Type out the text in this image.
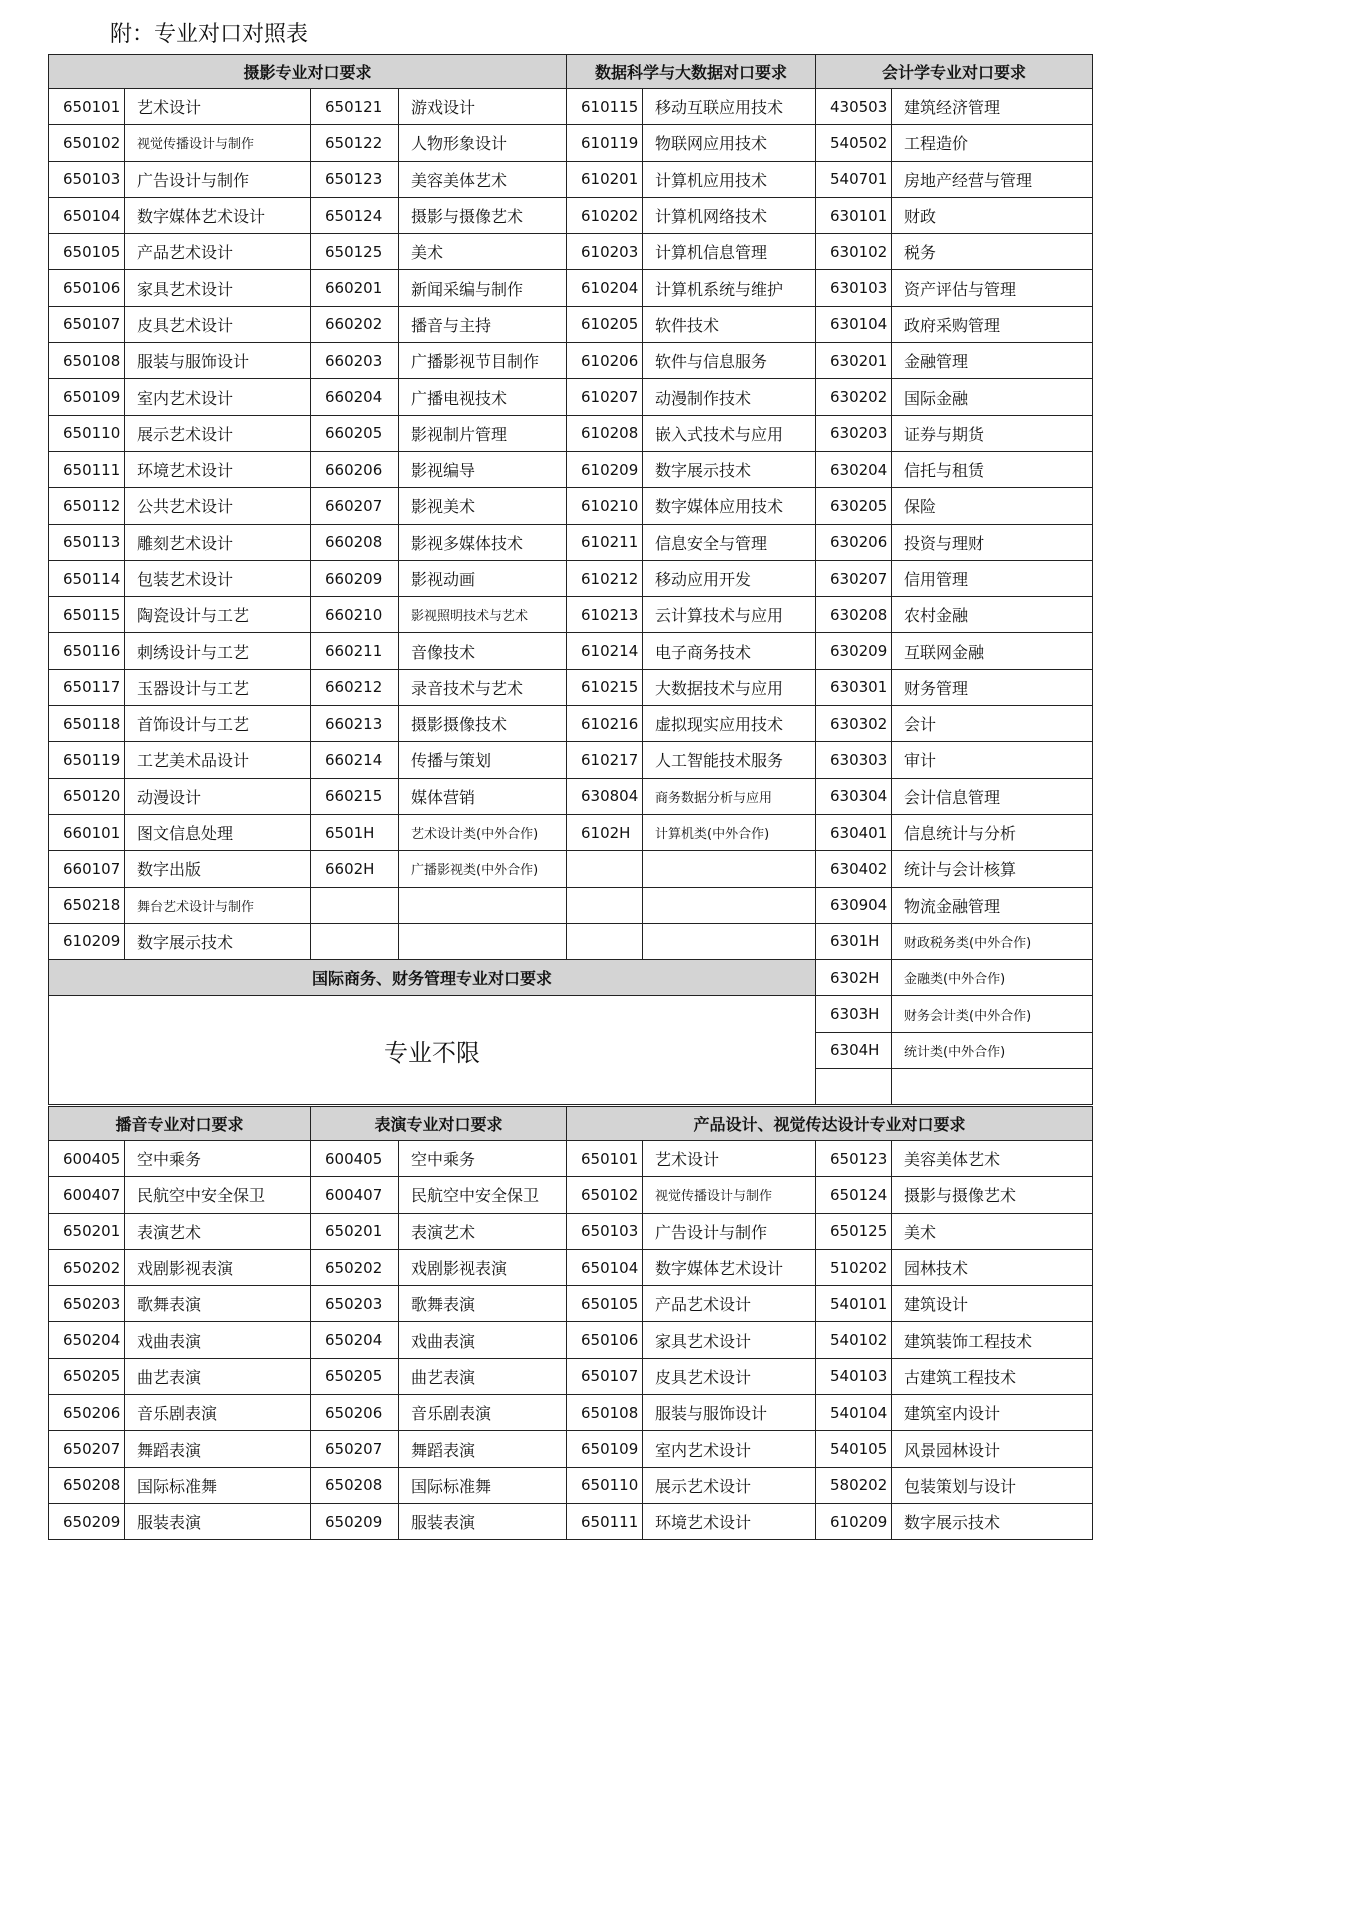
附：专业对口对照表
摄影专业对口要求				数据科学与大数据对口要求		会计学专业对口要求	
650101	艺术设计	650121	游戏设计	610115	移动互联应用技术	430503	建筑经济管理
650102	视觉传播设计与制作	650122	人物形象设计	610119	物联网应用技术	540502	工程造价
650103	广告设计与制作	650123	美容美体艺术	610201	计算机应用技术	540701	房地产经营与管理
650104	数字媒体艺术设计	650124	摄影与摄像艺术	610202	计算机网络技术	630101	财政
650105	产品艺术设计	650125	美术	610203	计算机信息管理	630102	税务
650106	家具艺术设计	660201	新闻采编与制作	610204	计算机系统与维护	630103	资产评估与管理
650107	皮具艺术设计	660202	播音与主持	610205	软件技术	630104	政府采购管理
650108	服装与服饰设计	660203	广播影视节目制作	610206	软件与信息服务	630201	金融管理
650109	室内艺术设计	660204	广播电视技术	610207	动漫制作技术	630202	国际金融
650110	展示艺术设计	660205	影视制片管理	610208	嵌入式技术与应用	630203	证券与期货
650111	环境艺术设计	660206	影视编导	610209	数字展示技术	630204	信托与租赁
650112	公共艺术设计	660207	影视美术	610210	数字媒体应用技术	630205	保险
650113	雕刻艺术设计	660208	影视多媒体技术	610211	信息安全与管理	630206	投资与理财
650114	包装艺术设计	660209	影视动画	610212	移动应用开发	630207	信用管理
650115	陶瓷设计与工艺	660210	影视照明技术与艺术	610213	云计算技术与应用	630208	农村金融
650116	刺绣设计与工艺	660211	音像技术	610214	电子商务技术	630209	互联网金融
650117	玉器设计与工艺	660212	录音技术与艺术	610215	大数据技术与应用	630301	财务管理
650118	首饰设计与工艺	660213	摄影摄像技术	610216	虚拟现实应用技术	630302	会计
650119	工艺美术品设计	660214	传播与策划	610217	人工智能技术服务	630303	审计
650120	动漫设计	660215	媒体营销	630804	商务数据分析与应用	630304	会计信息管理
660101	图文信息处理	6501H	艺术设计类(中外合作)	6102H	计算机类(中外合作)	630401	信息统计与分析
660107	数字出版	6602H	广播影视类(中外合作)			630402	统计与会计核算
650218	舞台艺术设计与制作					630904	物流金融管理
610209	数字展示技术					6301H	财政税务类(中外合作)
国际商务、财务管理专业对口要求						6302H	金融类(中外合作)
专业不限						6303H	财务会计类(中外合作)
						6304H	统计类(中外合作)

播音专业对口要求		表演专业对口要求		产品设计、视觉传达设计专业对口要求			
600405	空中乘务	600405	空中乘务	650101	艺术设计	650123	美容美体艺术
600407	民航空中安全保卫	600407	民航空中安全保卫	650102	视觉传播设计与制作	650124	摄影与摄像艺术
650201	表演艺术	650201	表演艺术	650103	广告设计与制作	650125	美术
650202	戏剧影视表演	650202	戏剧影视表演	650104	数字媒体艺术设计	510202	园林技术
650203	歌舞表演	650203	歌舞表演	650105	产品艺术设计	540101	建筑设计
650204	戏曲表演	650204	戏曲表演	650106	家具艺术设计	540102	建筑装饰工程技术
650205	曲艺表演	650205	曲艺表演	650107	皮具艺术设计	540103	古建筑工程技术
650206	音乐剧表演	650206	音乐剧表演	650108	服装与服饰设计	540104	建筑室内设计
650207	舞蹈表演	650207	舞蹈表演	650109	室内艺术设计	540105	风景园林设计
650208	国际标准舞	650208	国际标准舞	650110	展示艺术设计	580202	包装策划与设计
650209	服装表演	650209	服装表演	650111	环境艺术设计	610209	数字展示技术
